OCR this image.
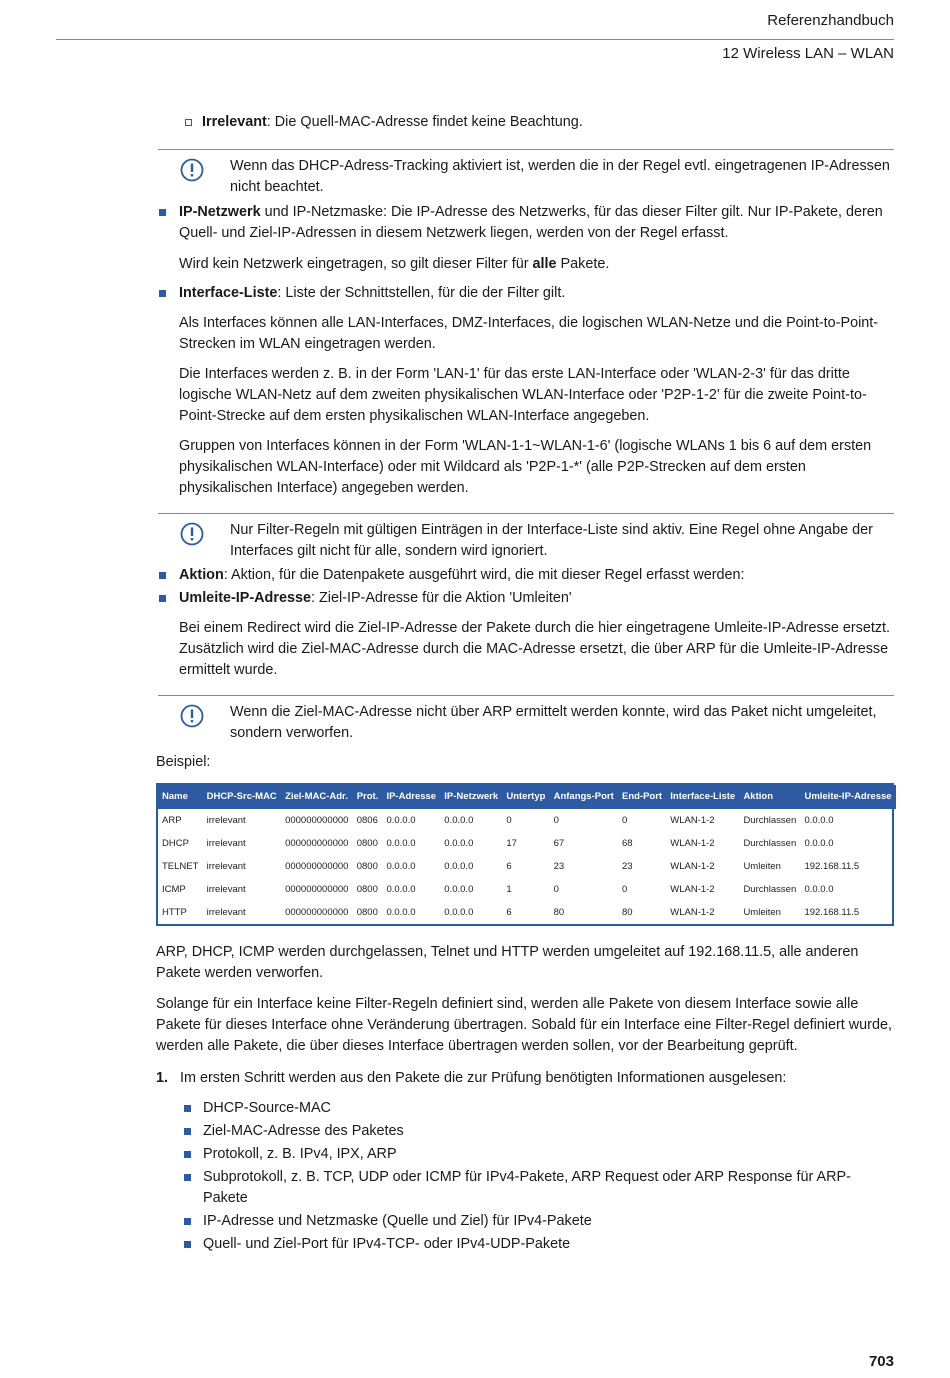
Referenzhandbuch
12 Wireless LAN – WLAN

Irrelevant: Die Quell-MAC-Adresse findet keine Beachtung.

Wenn das DHCP-Adress-Tracking aktiviert ist, werden die in der Regel evtl. eingetragenen IP-Adressen nicht beachtet.

IP-Netzwerk und IP-Netzmaske: Die IP-Adresse des Netzwerks, für das dieser Filter gilt. Nur IP-Pakete, deren Quell- und Ziel-IP-Adressen in diesem Netzwerk liegen, werden von der Regel erfasst.

Wird kein Netzwerk eingetragen, so gilt dieser Filter für alle Pakete.

Interface-Liste: Liste der Schnittstellen, für die der Filter gilt.

Als Interfaces können alle LAN-Interfaces, DMZ-Interfaces, die logischen WLAN-Netze und die Point-to-Point-Strecken im WLAN eingetragen werden.

Die Interfaces werden z. B. in der Form 'LAN-1' für das erste LAN-Interface oder 'WLAN-2-3' für das dritte logische WLAN-Netz auf dem zweiten physikalischen WLAN-Interface oder 'P2P-1-2' für die zweite Point-to-Point-Strecke auf dem ersten physikalischen WLAN-Interface angegeben.

Gruppen von Interfaces können in der Form 'WLAN-1-1~WLAN-1-6' (logische WLANs 1 bis 6 auf dem ersten physikalischen WLAN-Interface) oder mit Wildcard als 'P2P-1-*' (alle P2P-Strecken auf dem ersten physikalischen Interface) angegeben werden.

Nur Filter-Regeln mit gültigen Einträgen in der Interface-Liste sind aktiv. Eine Regel ohne Angabe der Interfaces gilt nicht für alle, sondern wird ignoriert.

Aktion: Aktion, für die Datenpakete ausgeführt wird, die mit dieser Regel erfasst werden:

Umleite-IP-Adresse: Ziel-IP-Adresse für die Aktion 'Umleiten'

Bei einem Redirect wird die Ziel-IP-Adresse der Pakete durch die hier eingetragene Umleite-IP-Adresse ersetzt. Zusätzlich wird die Ziel-MAC-Adresse durch die MAC-Adresse ersetzt, die über ARP für die Umleite-IP-Adresse ermittelt wurde.

Wenn die Ziel-MAC-Adresse nicht über ARP ermittelt werden konnte, wird das Paket nicht umgeleitet, sondern verworfen.

Beispiel:

Name	DHCP-Src-MAC	Ziel-MAC-Adr.	Prot.	IP-Adresse	IP-Netzwerk	Untertyp	Anfangs-Port	End-Port	Interface-Liste	Aktion	Umleite-IP-Adresse
ARP	irrelevant	000000000000	0806	0.0.0.0	0.0.0.0	0	0	0	WLAN-1-2	Durchlassen	0.0.0.0
DHCP	irrelevant	000000000000	0800	0.0.0.0	0.0.0.0	17	67	68	WLAN-1-2	Durchlassen	0.0.0.0
TELNET	irrelevant	000000000000	0800	0.0.0.0	0.0.0.0	6	23	23	WLAN-1-2	Umleiten	192.168.11.5
ICMP	irrelevant	000000000000	0800	0.0.0.0	0.0.0.0	1	0	0	WLAN-1-2	Durchlassen	0.0.0.0
HTTP	irrelevant	000000000000	0800	0.0.0.0	0.0.0.0	6	80	80	WLAN-1-2	Umleiten	192.168.11.5

ARP, DHCP, ICMP werden durchgelassen, Telnet und HTTP werden umgeleitet auf 192.168.11.5, alle anderen Pakete werden verworfen.

Solange für ein Interface keine Filter-Regeln definiert sind, werden alle Pakete von diesem Interface sowie alle Pakete für dieses Interface ohne Veränderung übertragen. Sobald für ein Interface eine Filter-Regel definiert wurde, werden alle Pakete, die über dieses Interface übertragen werden sollen, vor der Bearbeitung geprüft.

1. Im ersten Schritt werden aus den Pakete die zur Prüfung benötigten Informationen ausgelesen:

DHCP-Source-MAC

Ziel-MAC-Adresse des Paketes

Protokoll, z. B. IPv4, IPX, ARP

Subprotokoll, z. B. TCP, UDP oder ICMP für IPv4-Pakete, ARP Request oder ARP Response für ARP-Pakete

IP-Adresse und Netzmaske (Quelle und Ziel) für IPv4-Pakete

Quell- und Ziel-Port für IPv4-TCP- oder IPv4-UDP-Pakete

703
